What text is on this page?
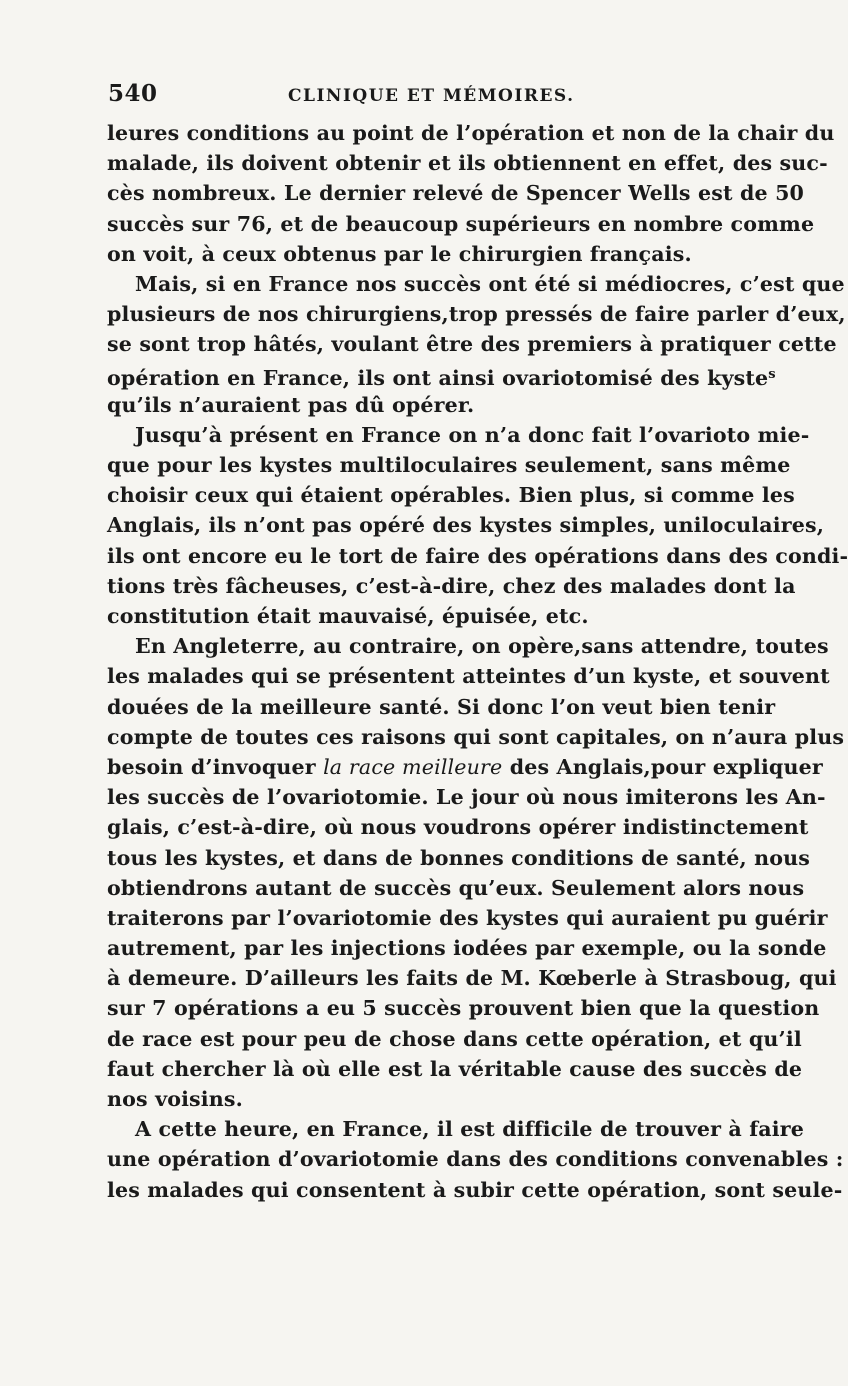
540	CLINIQUE ET MÉMOIRES.
leures conditions au point de l’opération et non de la chair du
malade, ils doivent obtenir et ils obtiennent en effet, des suc-
cès nombreux. Le dernier relevé de Spencer Wells est de 50
succès sur 76, et de beaucoup supérieurs en nombre comme
on voit, à ceux obtenus par le chirurgien français.
Mais, si en France nos succès ont été si médiocres, c’est que
plusieurs de nos chirurgiens,trop pressés de faire parler d’eux,
se sont trop hâtés, voulant être des premiers à pratiquer cette
opération en France, ils ont ainsi ovariotomisé des kyste$^s$
qu’ils n’auraient pas dû opérer.
Jusqu’à présent en France on n’a donc fait l’ovarioto mie-
que pour les kystes multiloculaires seulement, sans même
choisir ceux qui étaient opérables. Bien plus, si comme les
Anglais, ils n’ont pas opéré des kystes simples, uniloculaires,
ils ont encore eu le tort de faire des opérations dans des condi-
tions très fâcheuses, c’est-à-dire, chez des malades dont la
constitution était mauvaisé, épuisée, etc.
En Angleterre, au contraire, on opère,sans attendre, toutes
les malades qui se présentent atteintes d’un kyste, et souvent
douées de la meilleure santé. Si donc l’on veut bien tenir
compte de toutes ces raisons qui sont capitales, on n’aura plus
besoin d’invoquer la race meilleure des Anglais,pour expliquer
les succès de l’ovariotomie. Le jour où nous imiterons les An-
glais, c’est-à-dire, où nous voudrons opérer indistinctement
tous les kystes, et dans de bonnes conditions de santé, nous
obtiendrons autant de succès qu’eux. Seulement alors nous
traiterons par l’ovariotomie des kystes qui auraient pu guérir
autrement, par les injections iodées par exemple, ou la sonde
à demeure. D’ailleurs les faits de M. Kœberle à Strasboug, qui
sur 7 opérations a eu 5 succès prouvent bien que la question
de race est pour peu de chose dans cette opération, et qu’il
faut chercher là où elle est la véritable cause des succès de
nos voisins.
A cette heure, en France, il est difficile de trouver à faire
une opération d’ovariotomie dans des conditions convenables :
les malades qui consentent à subir cette opération, sont seule-
